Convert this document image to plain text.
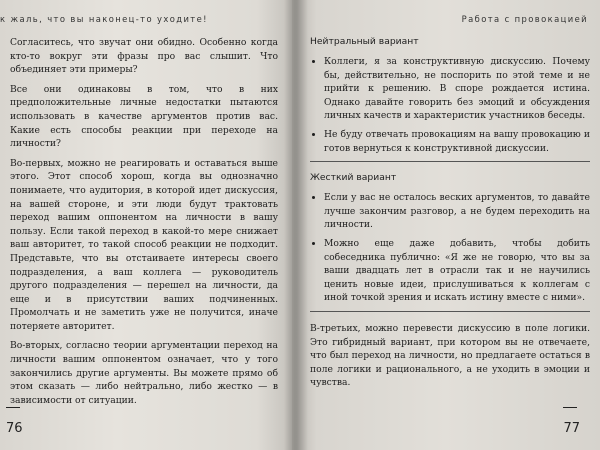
к жаль, что вы наконец-то уходите!

Согласитесь, что звучат они обидно. Особенно когда кто-то вокруг эти фразы про вас слышит. Что объединяет эти примеры?

Все они одинаковы в том, что в них предположительные личные недостатки пытаются использовать в качестве аргументов против вас. Какие есть способы реакции при переходе на личности?

Во-первых, можно не реагировать и оставаться выше этого. Этот способ хорош, когда вы однозначно понимаете, что аудитория, в которой идет дискуссия, на вашей стороне, и эти люди будут трактовать переход вашим оппонентом на личности в вашу пользу. Если такой переход в какой-то мере снижает ваш авторитет, то такой способ реакции не подходит. Представьте, что вы отстаиваете интересы своего подразделения, а ваш коллега — руководитель другого подразделения — перешел на личности, да еще и в присутствии ваших подчиненных. Промолчать и не заметить уже не получится, иначе потеряете авторитет.

Во-вторых, согласно теории аргументации переход на личности вашим оппонентом означает, что у того закончились другие аргументы. Вы можете прямо об этом сказать — либо нейтрально, либо жестко — в зависимости от ситуации.

76
Работа с провокацией
Нейтральный вариант
• Коллеги, я за конструктивную дискуссию. Почему бы, действительно, не поспорить по этой теме и не прийти к решению. В споре рождается истина. Однако давайте говорить без эмоций и обсуждения личных качеств и характеристик участников беседы.
• Не буду отвечать провокациям на вашу провокацию и готов вернуться к конструктивной дискуссии.
Жесткий вариант
• Если у вас не осталось веских аргументов, то давайте лучше закончим разговор, а не будем переходить на личности.
• Можно еще даже добавить, чтобы добить собеседника публично: «Я же не говорю, что вы за ваши двадцать лет в отрасли так и не научились ценить новые идеи, прислушиваться к коллегам с иной точкой зрения и искать истину вместе с ними».

В-третьих, можно перевести дискуссию в поле логики. Это гибридный вариант, при котором вы не отвечаете, что был переход на личности, но предлагаете остаться в поле логики и рационального, а не уходить в эмоции и чувства.

77
